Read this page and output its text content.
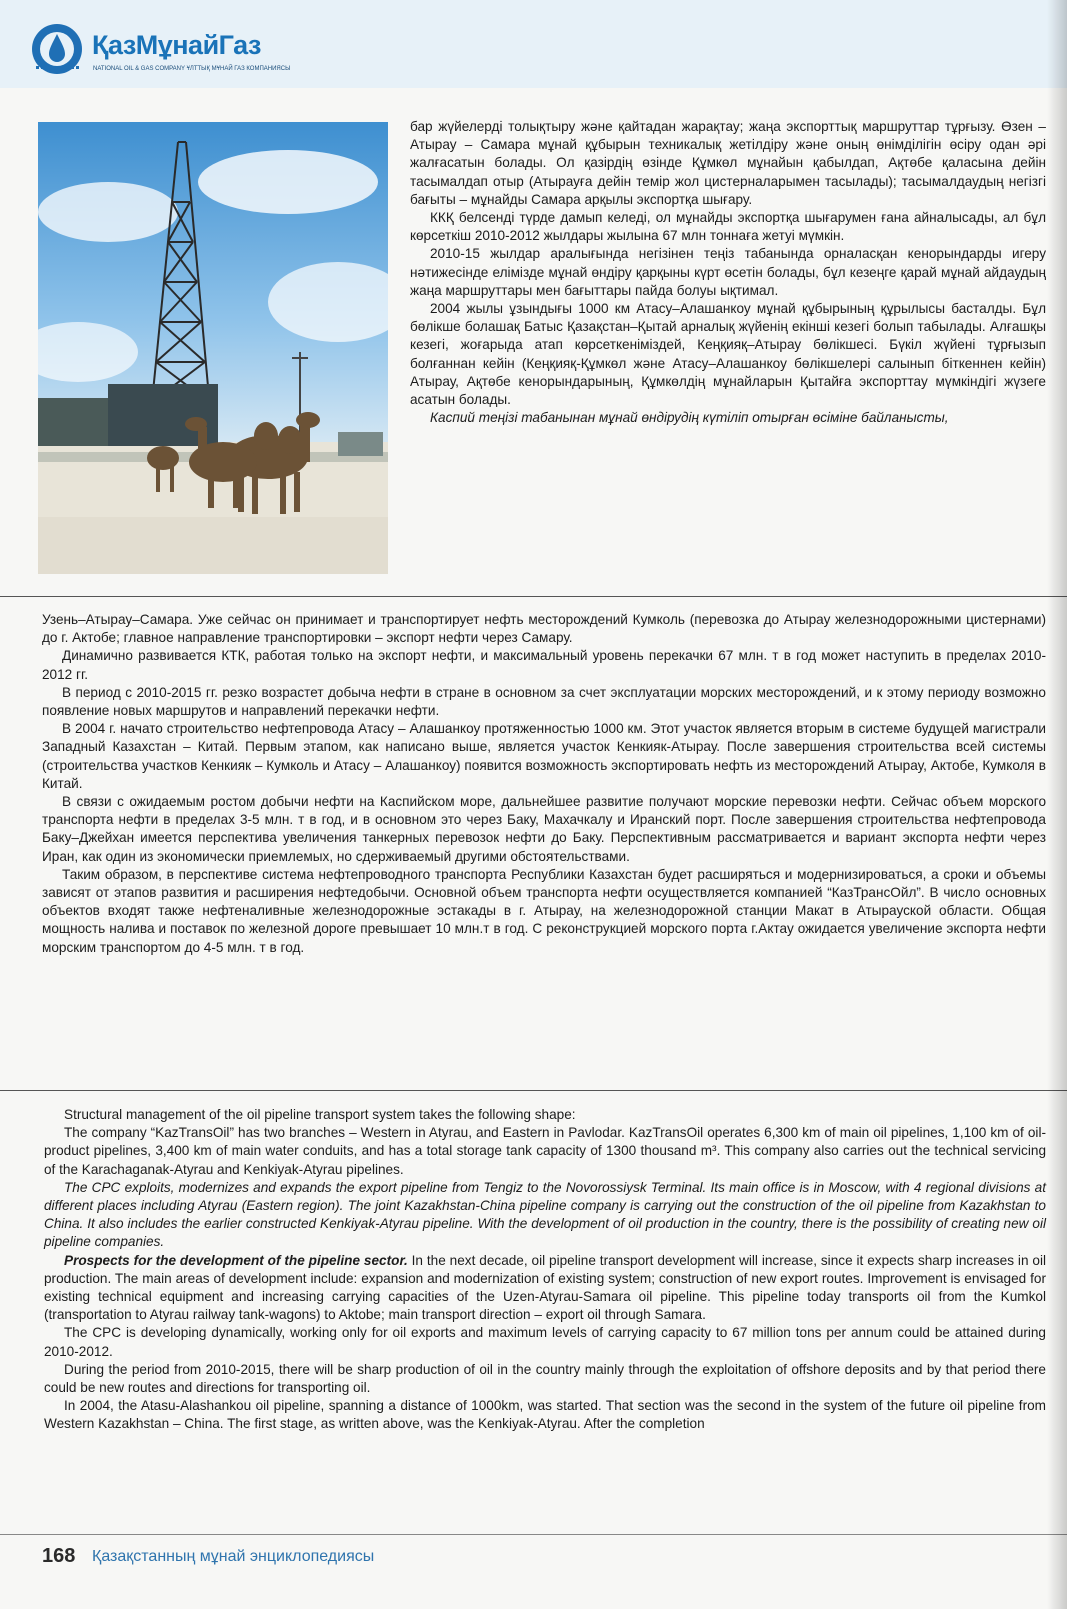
ҚазМұнайГаз
NATIONAL OIL & GAS COMPANY ҰЛТТЫҚ МҰНАЙ ГАЗ КОМПАНИЯСЫ

бар жүйелерді толықтыру және қайтадан жарақтау; жаңа экспорттық маршруттар тұрғызу. Өзен – Атырау – Самара мұнай құбырын техникалық жетілдіру және оның өнімділігін өсіру одан әрі жалғасатын болады. Ол қазірдің өзінде Құмкөл мұнайын қабылдап, Ақтөбе қаласына дейін тасымалдап отыр (Атырауға дейін темір жол цистерналарымен тасылады); тасымалдаудың негізгі бағыты – мұнайды Самара арқылы экспортқа шығару.

ККҚ белсенді түрде дамып келеді, ол мұнайды экспортқа шығарумен ғана айналысады, ал бұл көрсеткіш 2010-2012 жылдары жылына 67 млн тоннаға жетуі мүмкін.

2010-15 жылдар аралығында негізінен теңіз табанында орналасқан кенорындарды игеру нәтижесінде елімізде мұнай өндіру қарқыны күрт өсетін болады, бұл кезеңге қарай мұнай айдаудың жаңа маршруттары мен бағыттары пайда болуы ықтимал.

2004 жылы ұзындығы 1000 км Атасу–Алашанкоу мұнай құбырының құрылысы басталды. Бұл бөлікше болашақ Батыс Қазақстан–Қытай арналық жүйенің екінші кезегі болып табылады. Алғашқы кезегі, жоғарыда атап көрсеткеніміздей, Кеңқияқ–Атырау бөлікшесі. Бүкіл жүйені тұрғызып болғаннан кейін (Кеңқияқ-Құмкөл және Атасу–Алашанкоу бөлікшелері салынып біткеннен кейін) Атырау, Ақтөбе кенорындарының, Құмкөлдің мұнайларын Қытайға экспорттау мүмкіндігі жүзеге асатын болады.

Каспий теңізі табанынан мұнай өндірудің күтіліп отырған өсіміне байланысты,

Узень–Атырау–Самара. Уже сейчас он принимает и транспортирует нефть месторождений Кумколь (перевозка до Атырау железнодорожными цистернами) до г. Актобе; главное направление транспортировки – экспорт нефти через Самару.

Динамично развивается КТК, работая только на экспорт нефти, и максимальный уровень перекачки 67 млн. т в год может наступить в пределах 2010-2012 гг.

В период с 2010-2015 гг. резко возрастет добыча нефти в стране в основном за счет эксплуатации морских месторождений, и к этому периоду возможно появление новых маршрутов и направлений перекачки нефти.

В 2004 г. начато строительство нефтепровода Атасу – Алашанкоу протяженностью 1000 км. Этот участок является вторым в системе будущей магистрали Западный Казахстан – Китай. Первым этапом, как написано выше, является участок Кенкияк-Атырау. После завершения строительства всей системы (строительства участков Кенкияк – Кумколь и Атасу – Алашанкоу) появится возможность экспортировать нефть из месторождений Атырау, Актобе, Кумколя в Китай.

В связи с ожидаемым ростом добычи нефти на Каспийском море, дальнейшее развитие получают морские перевозки нефти. Сейчас объем морского транспорта нефти в пределах 3-5 млн. т в год, и в основном это через Баку, Махачкалу и Иранский порт. После завершения строительства нефтепровода Баку–Джейхан имеется перспектива увеличения танкерных перевозок нефти до Баку. Перспективным рассматривается и вариант экспорта нефти через Иран, как один из экономически приемлемых, но сдерживаемый другими обстоятельствами.

Таким образом, в перспективе система нефтепроводного транспорта Республики Казахстан будет расширяться и модернизироваться, а сроки и объемы зависят от этапов развития и расширения нефтедобычи. Основной объем транспорта нефти осуществляется компанией “КазТрансОйл”. В число основных объектов входят также нефтеналивные железнодорожные эстакады в г. Атырау, на железнодорожной станции Макат в Атырауской области. Общая мощность налива и поставок по железной дороге превышает 10 млн.т в год. С реконструкцией морского порта г.Актау ожидается увеличение экспорта нефти морским транспортом до 4-5 млн. т в год.

Structural management of the oil pipeline transport system takes the following shape:

The company “KazTransOil” has two branches – Western in Atyrau, and Eastern in Pavlodar. KazTransOil operates 6,300 km of main oil pipelines, 1,100 km of oil-product pipelines, 3,400 km of main water conduits, and has a total storage tank capacity of 1300 thousand m³. This company also carries out the technical servicing of the Karachaganak-Atyrau and Kenkiyak-Atyrau pipelines.

The CPC exploits, modernizes and expands the export pipeline from Tengiz to the Novorossiysk Terminal. Its main office is in Moscow, with 4 regional divisions at different places including Atyrau (Eastern region). The joint Kazakhstan-China pipeline company is carrying out the construction of the oil pipeline from Kazakhstan to China. It also includes the earlier constructed Kenkiyak-Atyrau pipeline. With the development of oil production in the country, there is the possibility of creating new oil pipeline companies.

Prospects for the development of the pipeline sector. In the next decade, oil pipeline transport development will increase, since it expects sharp increases in oil production. The main areas of development include: expansion and modernization of existing system; construction of new export routes. Improvement is envisaged for existing technical equipment and increasing carrying capacities of the Uzen-Atyrau-Samara oil pipeline. This pipeline today transports oil from the Kumkol (transportation to Atyrau railway tank-wagons) to Aktobe; main transport direction – export oil through Samara.

The CPC is developing dynamically, working only for oil exports and maximum levels of carrying capacity to 67 million tons per annum could be attained during 2010-2012.

During the period from 2010-2015, there will be sharp production of oil in the country mainly through the exploitation of offshore deposits and by that period there could be new routes and directions for transporting oil.

In 2004, the Atasu-Alashankou oil pipeline, spanning a distance of 1000km, was started. That section was the second in the system of the future oil pipeline from Western Kazakhstan – China. The first stage, as written above, was the Kenkiyak-Atyrau. After the completion

168 Қазақстанның мұнай энциклопедиясы
